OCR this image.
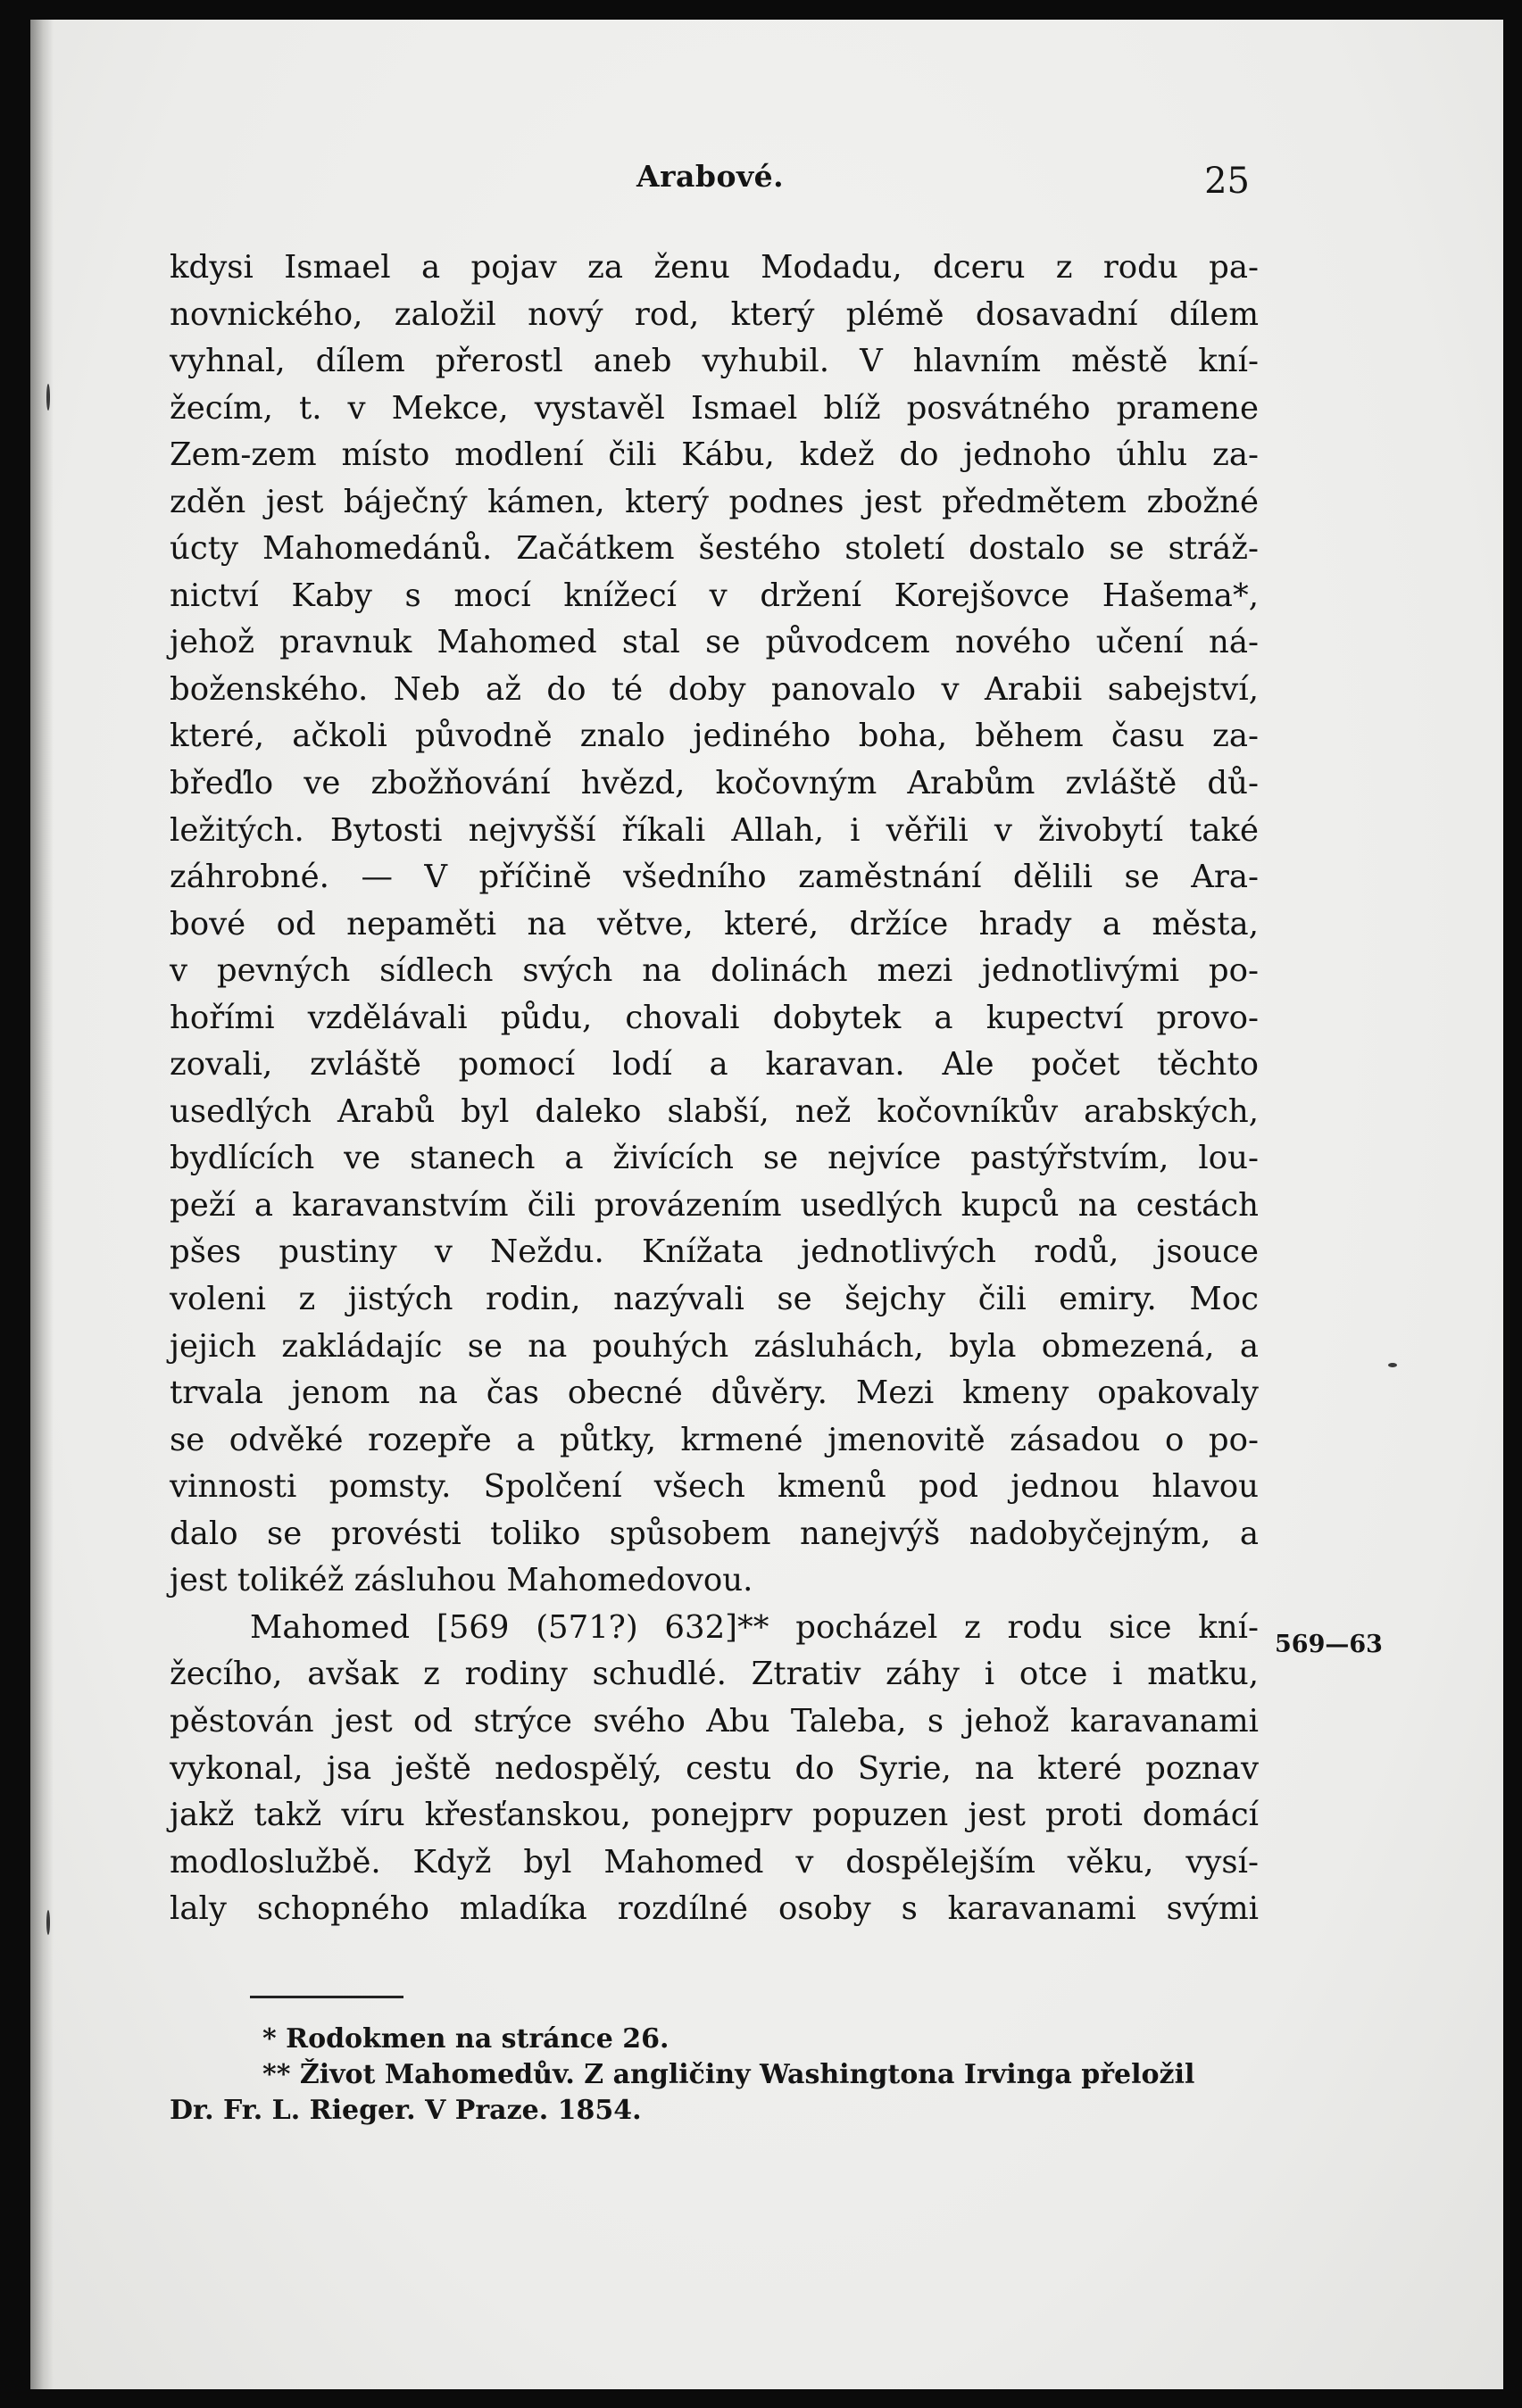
Arabové.	25
kdysi Ismael a pojav za ženu Modadu, dceru z rodu pa-
novnického, založil nový rod, který plémě dosavadní dílem
vyhnal, dílem přerostl aneb vyhubil. V hlavním městě kní-
žecím, t. v Mekce, vystavěl Ismael blíž posvátného pramene
Zem-zem místo modlení čili Kábu, kdež do jednoho úhlu za-
zděn jest báječný kámen, který podnes jest předmětem zbožné
úcty Mahomedánů. Začátkem šestého století dostalo se stráž-
nictví Kaby s mocí knížecí v držení Korejšovce Hašema*,
jehož pravnuk Mahomed stal se původcem nového učení ná-
boženského. Neb až do té doby panovalo v Arabii sabejství,
které, ačkoli původně znalo jediného boha, během času za-
břeďlo ve zbožňování hvězd, kočovným Arabům zvláště dů-
ležitých. Bytosti nejvyšší říkali Allah, i věřili v živobytí také
záhrobné. — V příčině všedního zaměstnání dělili se Ara-
bové od nepaměti na větve, které, držíce hrady a města,
v pevných sídlech svých na dolinách mezi jednotlivými po-
hořími vzdělávali půdu, chovali dobytek a kupectví provo-
zovali, zvláště pomocí lodí a karavan. Ale počet těchto
usedlých Arabů byl daleko slabší, než kočovníkův arabských,
bydlících ve stanech a živících se nejvíce pastýřstvím, lou-
peží a karavanstvím čili provázením usedlých kupců na cestách
pšes pustiny v Neždu. Knížata jednotlivých rodů, jsouce
voleni z jistých rodin, nazývali se šejchy čili emiry. Moc
jejich zakládajíc se na pouhých zásluhách, byla obmezená, a
trvala jenom na čas obecné důvěry. Mezi kmeny opakovaly
se odvěké rozepře a půtky, krmené jmenovitě zásadou o po-
vinnosti pomsty. Spolčení všech kmenů pod jednou hlavou
dalo se provésti toliko spůsobem nanejvýš nadobyčejným, a
jest tolikéž zásluhou Mahomedovou.
Mahomed [569 (571?) 632]** pocházel z rodu sice kní-
žecího, avšak z rodiny schudlé. Ztrativ záhy i otce i matku,
pěstován jest od strýce svého Abu Taleba, s jehož karavanami
vykonal, jsa ještě nedospělý, cestu do Syrie, na které poznav
jakž takž víru křesťanskou, ponejprv popuzen jest proti domácí
modloslužbě. Když byl Mahomed v dospělejším věku, vysí-
laly schopného mladíka rozdílné osoby s karavanami svými
569—63
* Rodokmen na stránce 26.
** Život Mahomedův. Z angličiny Washingtona Irvinga přeložil
Dr. Fr. L. Rieger. V Praze. 1854.
